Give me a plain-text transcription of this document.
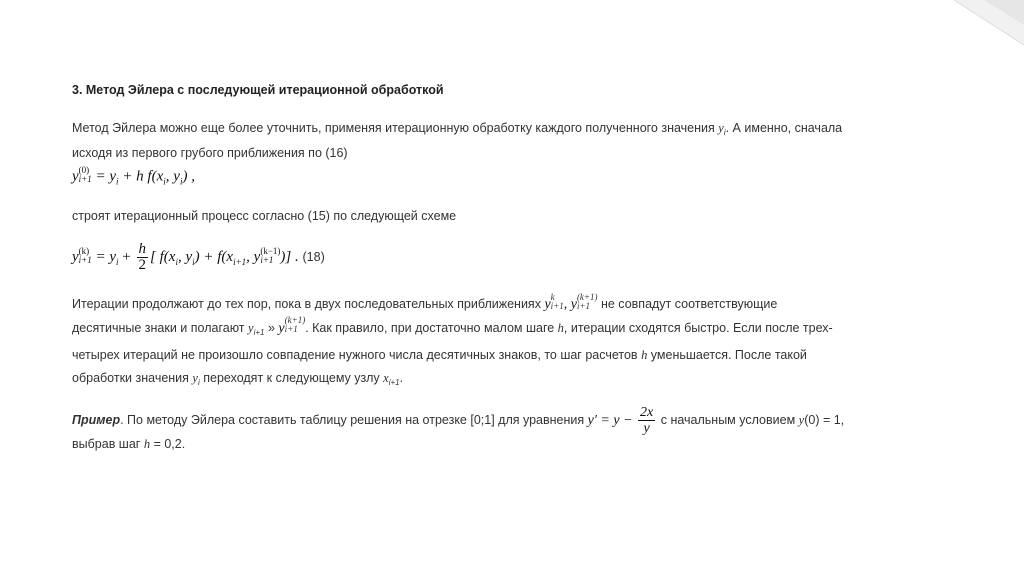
3. Метод Эйлера с последующей итерационной обработкой
Метод Эйлера можно еще более уточнить, применяя итерационную обработку каждого полученного значения $y_i$. А именно, сначала
исходя из первого грубого приближения по (16)
y (0)
$i+1 = y_i + h$ $f(x_i$, $y_i$) ,
строят итерационный процесс согласно (15) по следующей схеме
y (k)
$i+1 = y_i + \frac{h}{2}$ [ $f(x_i$, $y_i) + f(x_{i+1}$, y (k−1)
i+1 )] . (18)
Итерации продолжают до тех пор, пока в двух последовательных приближениях y
k
i+1 , y
(k+1)
i+1 не совпадут соответствующие
десятичные знаки и полагают $y_{i+1}$ » y
(k+1)
i+1 . Как правило, при достаточно малом шаге h, итерации сходятся быстро. Если после трех-
четырех итераций не произошло совпадение нужного числа десятичных знаков, то шаг расчетов h уменьшается. После такой
обработки значения $y_i$ переходят к следующему узлу $x_{i+1}$.
Пример. По методу Эйлера составить таблицу решения на отрезке [0;1] для уравнения $y' = y - \frac{2x}{y}$ с начальным условием y(0) = 1,
выбрав шаг h = 0,2.
